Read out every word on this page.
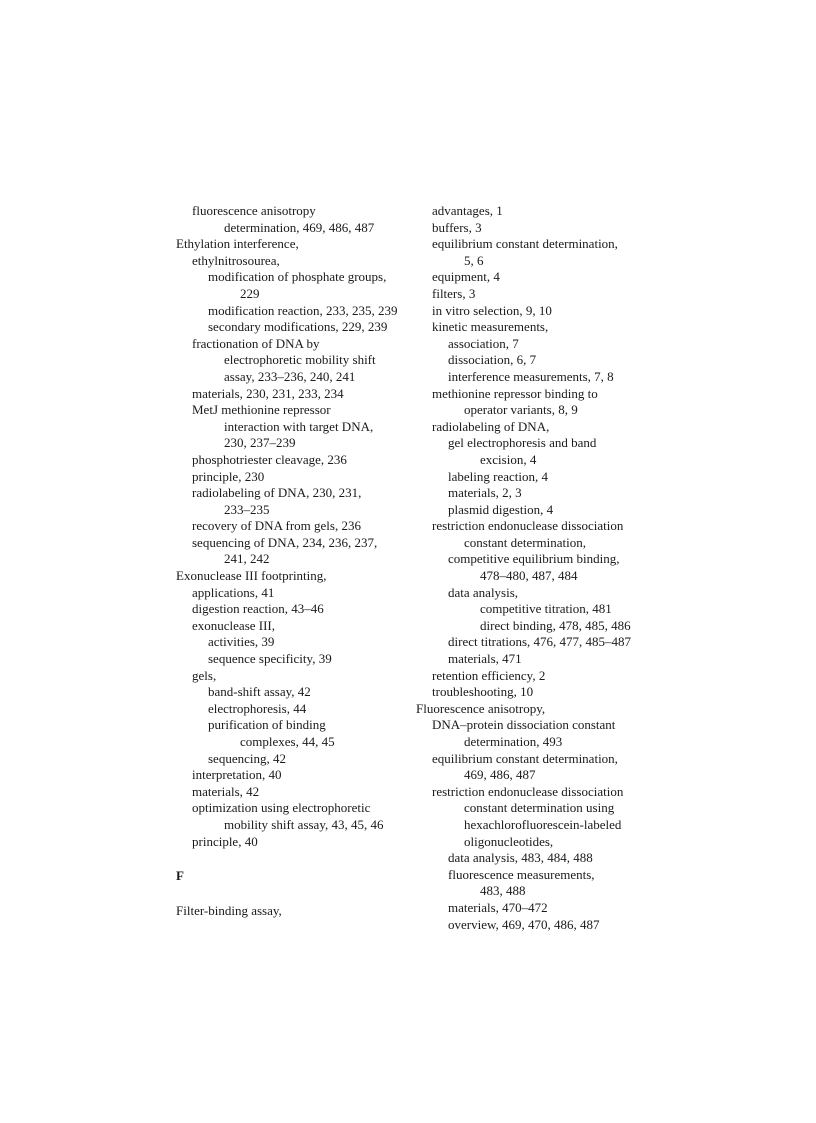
fluorescence anisotropy
determination, 469, 486, 487
Ethylation interference,
ethylnitrosourea,
modification of phosphate groups,
229
modification reaction, 233, 235, 239
secondary modifications, 229, 239
fractionation of DNA by
electrophoretic mobility shift
assay, 233–236, 240, 241
materials, 230, 231, 233, 234
MetJ methionine repressor
interaction with target DNA,
230, 237–239
phosphotriester cleavage, 236
principle, 230
radiolabeling of DNA, 230, 231,
233–235
recovery of DNA from gels, 236
sequencing of DNA, 234, 236, 237,
241, 242
Exonuclease III footprinting,
applications, 41
digestion reaction, 43–46
exonuclease III,
activities, 39
sequence specificity, 39
gels,
band-shift assay, 42
electrophoresis, 44
purification of binding
complexes, 44, 45
sequencing, 42
interpretation, 40
materials, 42
optimization using electrophoretic
mobility shift assay, 43, 45, 46
principle, 40
F
Filter-binding assay,
advantages, 1
buffers, 3
equilibrium constant determination,
5, 6
equipment, 4
filters, 3
in vitro selection, 9, 10
kinetic measurements,
association, 7
dissociation, 6, 7
interference measurements, 7, 8
methionine repressor binding to
operator variants, 8, 9
radiolabeling of DNA,
gel electrophoresis and band
excision, 4
labeling reaction, 4
materials, 2, 3
plasmid digestion, 4
restriction endonuclease dissociation
constant determination,
competitive equilibrium binding,
478–480, 487, 484
data analysis,
competitive titration, 481
direct binding, 478, 485, 486
direct titrations, 476, 477, 485–487
materials, 471
retention efficiency, 2
troubleshooting, 10
Fluorescence anisotropy,
DNA–protein dissociation constant
determination, 493
equilibrium constant determination,
469, 486, 487
restriction endonuclease dissociation
constant determination using
hexachlorofluorescein-labeled
oligonucleotides,
data analysis, 483, 484, 488
fluorescence measurements,
483, 488
materials, 470–472
overview, 469, 470, 486, 487
